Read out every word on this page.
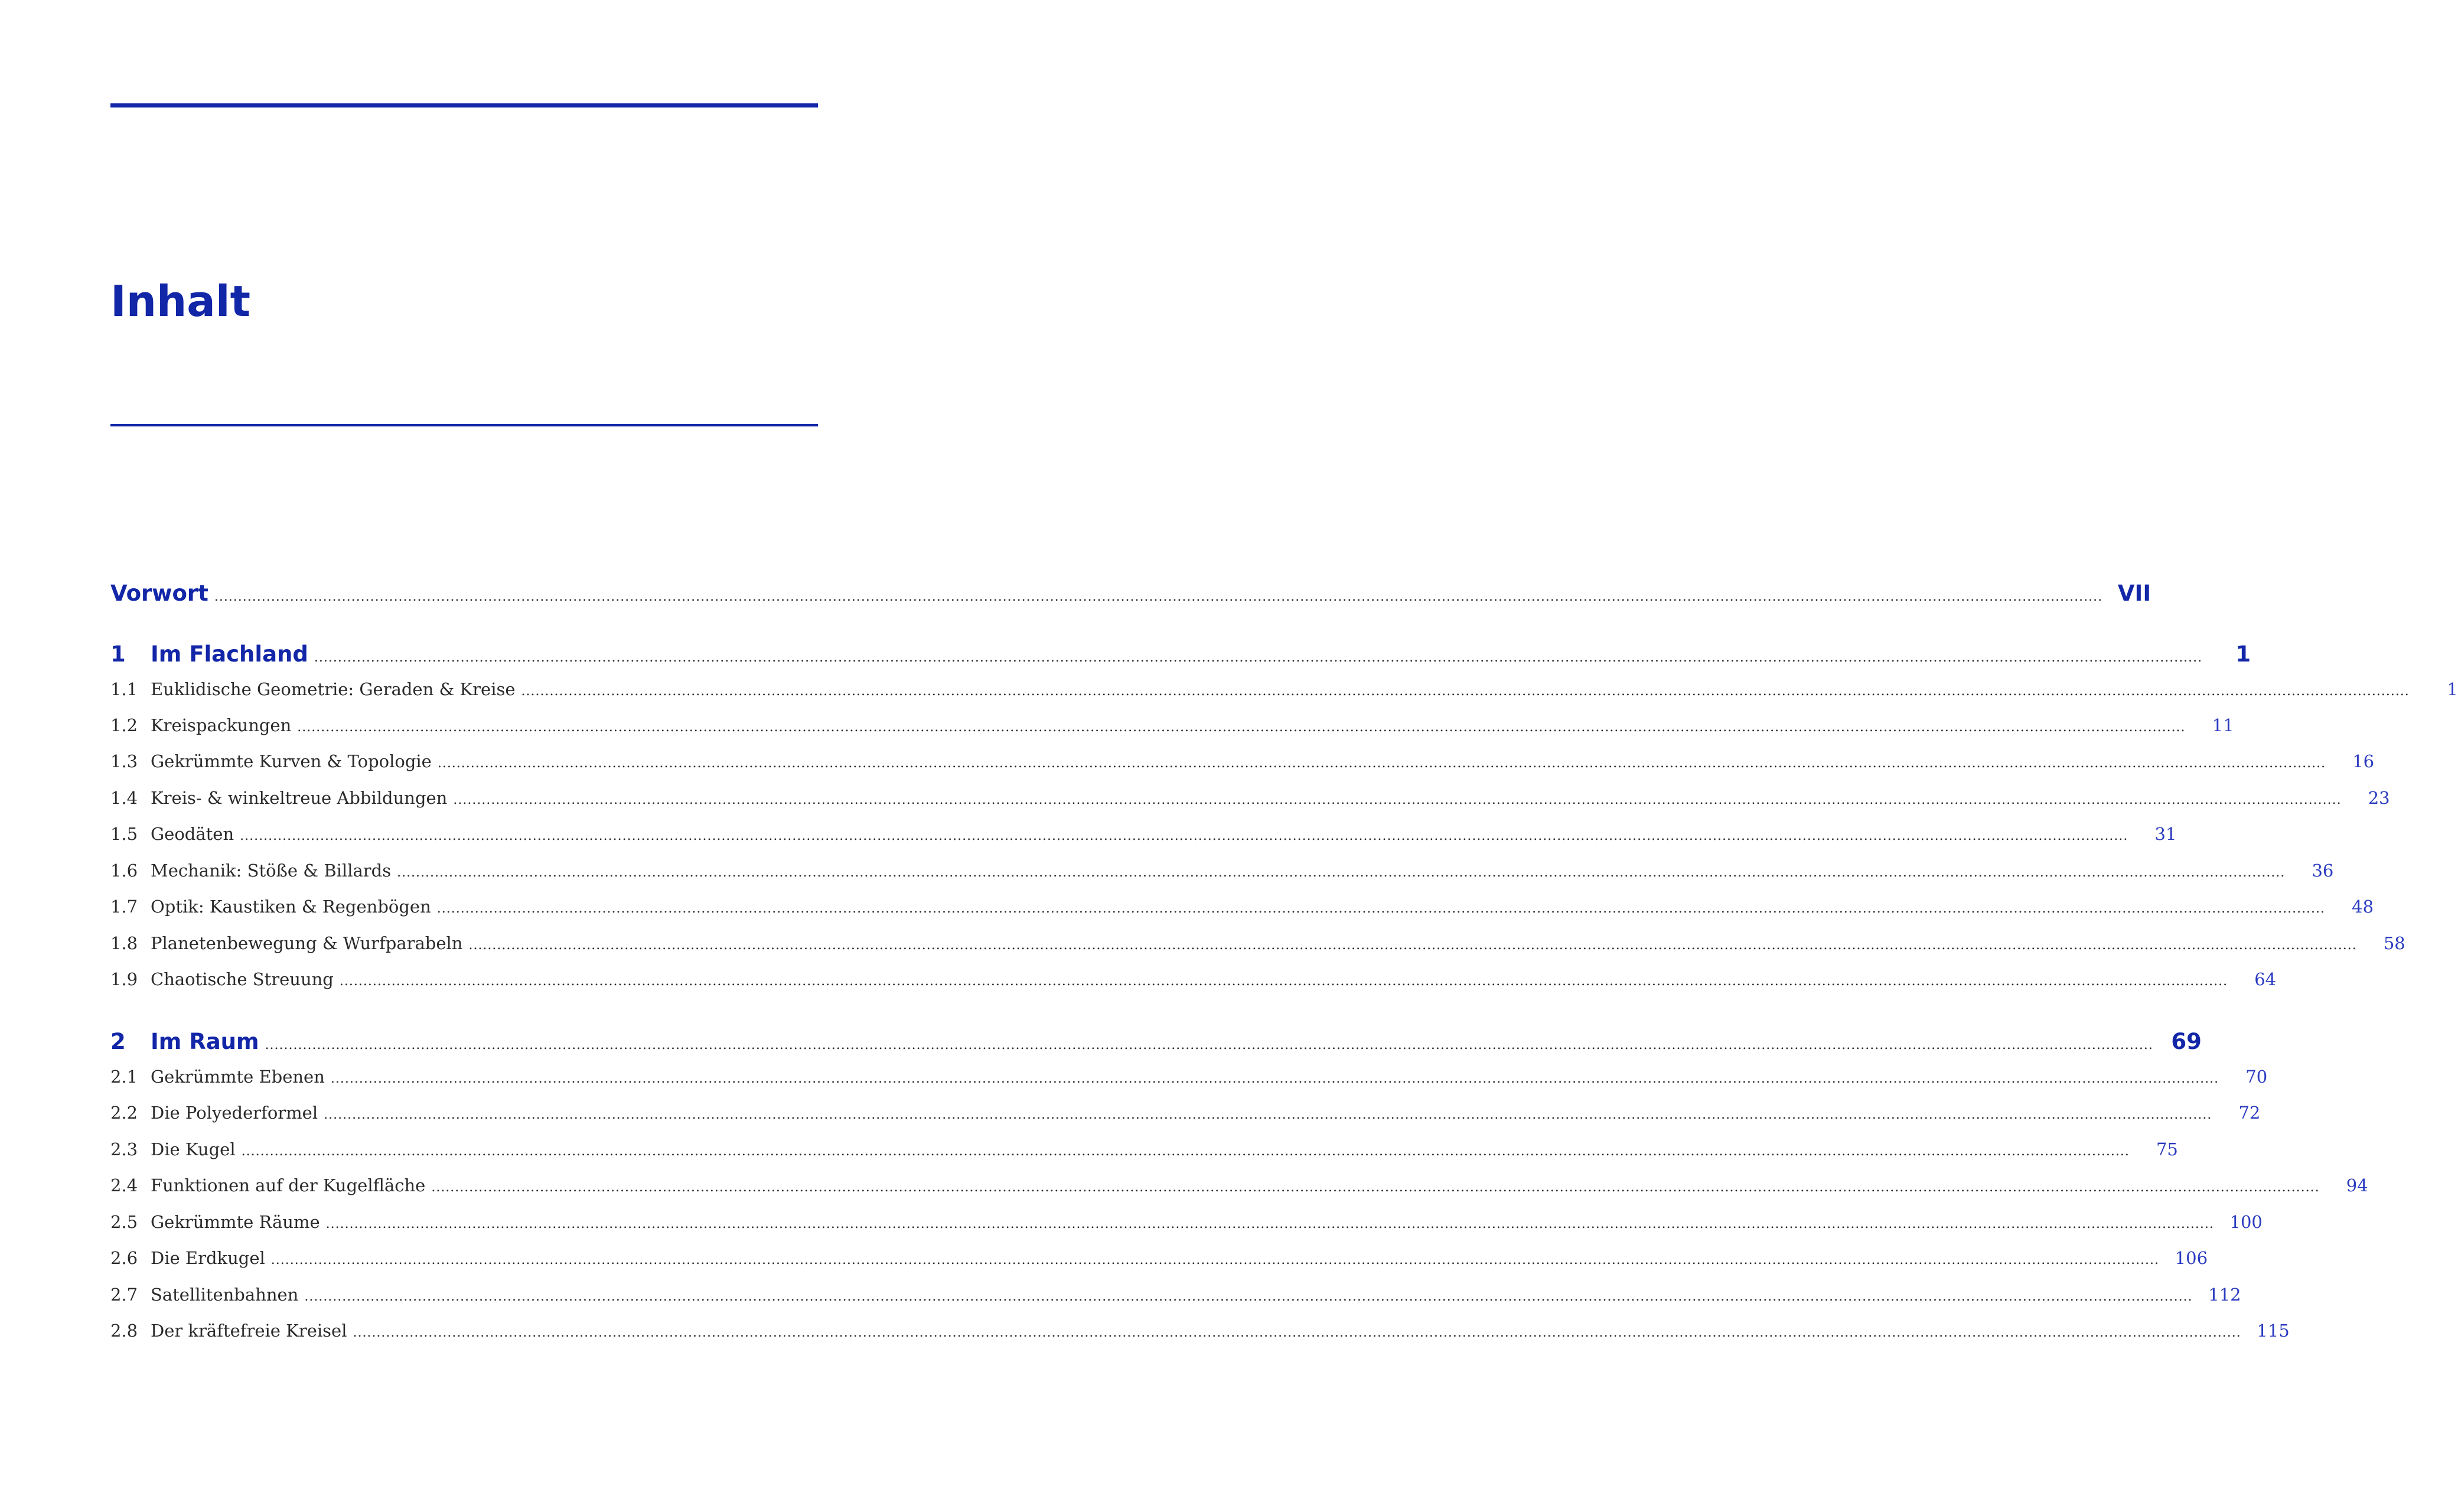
Inhalt
Vorwort ................................................................................................................................................................................................................................................................................................................................................................................................................ VII
1	Im Flachland ................................................................................................................................................................................................................................................................................................................................................................................................................	1
1.1 Euklidische Geometrie: Geraden & Kreise ................................................................................................................................................................................................................................................................................................................................................................................................................	1
1.2 Kreispackungen ................................................................................................................................................................................................................................................................................................................................................................................................................	11
1.3 Gekrümmte Kurven & Topologie ................................................................................................................................................................................................................................................................................................................................................................................................................	16
1.4 Kreis- & winkeltreue Abbildungen ................................................................................................................................................................................................................................................................................................................................................................................................................	23
1.5 Geodäten ................................................................................................................................................................................................................................................................................................................................................................................................................	31
1.6 Mechanik: Stöße & Billards ................................................................................................................................................................................................................................................................................................................................................................................................................	36
1.7 Optik: Kaustiken & Regenbögen ................................................................................................................................................................................................................................................................................................................................................................................................................	48
1.8 Planetenbewegung & Wurfparabeln ................................................................................................................................................................................................................................................................................................................................................................................................................	58
1.9 Chaotische Streuung ................................................................................................................................................................................................................................................................................................................................................................................................................	64
2	Im Raum ................................................................................................................................................................................................................................................................................................................................................................................................................ 69
2.1 Gekrümmte Ebenen ................................................................................................................................................................................................................................................................................................................................................................................................................	70
2.2 Die Polyederformel ................................................................................................................................................................................................................................................................................................................................................................................................................	72
2.3 Die Kugel ................................................................................................................................................................................................................................................................................................................................................................................................................	75
2.4 Funktionen auf der Kugelfläche ................................................................................................................................................................................................................................................................................................................................................................................................................	94
2.5 Gekrümmte Räume ................................................................................................................................................................................................................................................................................................................................................................................................................ 100
2.6 Die Erdkugel ................................................................................................................................................................................................................................................................................................................................................................................................................ 106
2.7 Satellitenbahnen ................................................................................................................................................................................................................................................................................................................................................................................................................ 112
2.8 Der kräftefreie Kreisel ................................................................................................................................................................................................................................................................................................................................................................................................................ 115
